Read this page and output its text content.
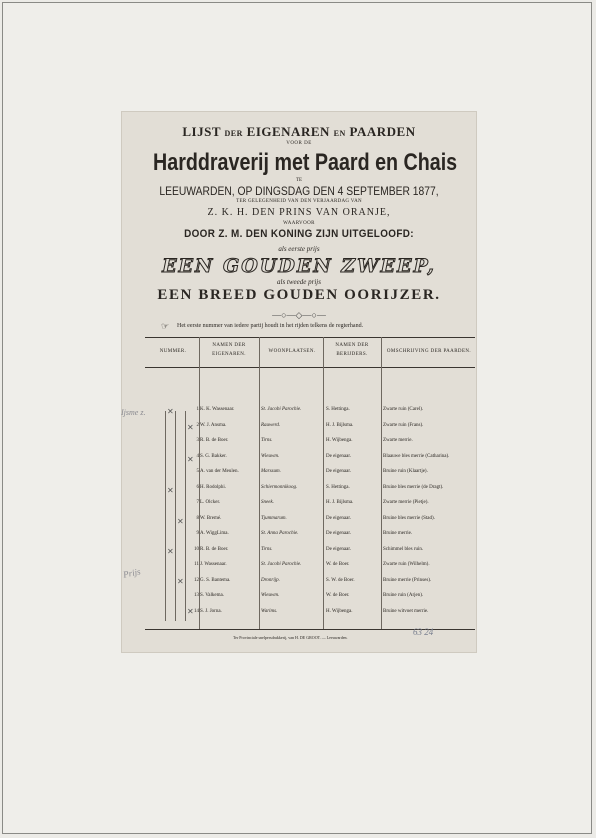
LIJST DER EIGENAREN EN PAARDEN
VOOR DE
Harddraverij met Paard en Chais
TE
LEEUWARDEN, OP DINGSDAG DEN 4 SEPTEMBER 1877,
TER GELEGENHEID VAN DEN VERJAARDAG VAN
Z. K. H. DEN PRINS VAN ORANJE,
WAARVOOR
DOOR Z. M. DEN KONING ZIJN UITGELOOFD:
als eerste prijs
EEN GOUDEN ZWEEP,
als tweede prijs
EEN BREED GOUDEN OORIJZER.
—○—◇—○—
☞ Het eerste nummer van iedere partij houdt in het rijden telkens de regterhand.
NUMMER.
NAMEN DER EIGENAREN.
WOONPLAATSEN.
NAMEN DER BERIJDERS.
OMSCHRIJVING DER PAARDEN.
1 K. K. Wassenaar.	St. Jacobi Parochie.	S. Hettinga.	Zwarte ruin (Carel).
2 W. J. Ansma.	Rauwerd.	H. J. Bijlsma.	Zwarte ruin (Frans).
3 R. B. de Boer.	Tirns.	H. Wijbenga.	Zwarte merrie.
4 S. G. Bakker.	Wieuwm.	De eigenaar.	Blaauwe bles merrie (Catharina).
5 A. van der Meulen.	Marssum.	De eigenaar.	Bruine ruin (Klaartje).
6 H. Rodolphi.	Schiermonnikoog.	S. Hettinga.	Bruine bles merrie (de Dragt).
7 L. Olcker.	Sneek.	H. J. Bijlsma.	Zwarte merrie (Pietje).
8 W. Bremé.	Tjummarum.	De eigenaar.	Bruine bles merrie (Stad).
9 A. WiggLima.	St. Anna Parochie.	De eigenaar.	Bruine merrie.
10 R. B. de Boer.	Tirns.	De eigenaar.	Schimmel bles ruin.
11 J. Wassenaar.	St. Jacobi Parochie.	W. de Boer.	Zwarte ruin (Wilhelm).
12 G. S. Bantema.	Dronrijp.	S. W. de Boer.	Bruine merrie (Prinses).
13 S. Valkema.	Wieuwm.	W. de Boer.	Bruine ruin (Arjen).
14 S. J. Jorna.	Warims.	H. Wijbenga.	Bruine witvoet merrie.
✕
✕
✕
✕
✕
✕
✕
✕
Ter Provinciale snelpersdrukkerij, van H. DE GROOT. — Leeuwarden.
Ijsme z.
Prijs
63 24
